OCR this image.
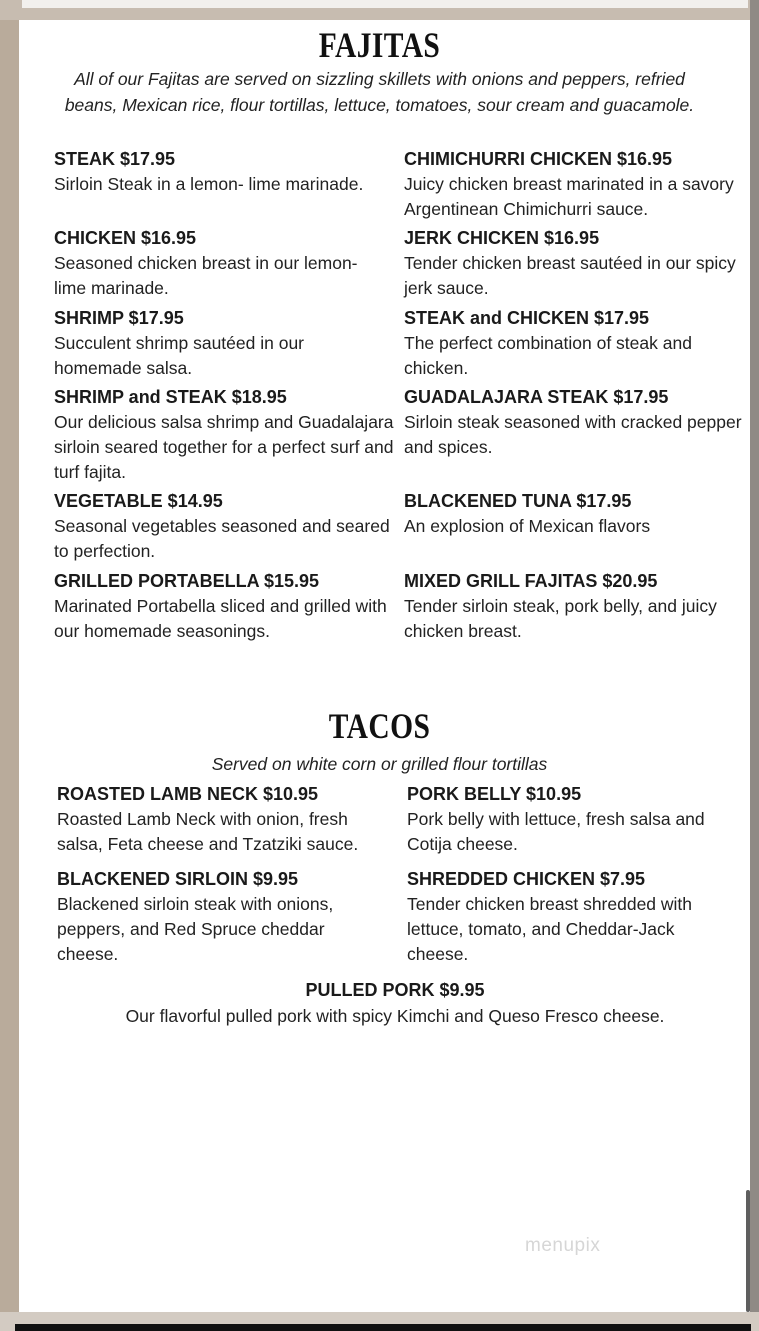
FAJITAS
All of our Fajitas are served on sizzling skillets with onions and peppers, refried beans, Mexican rice, flour tortillas, lettuce, tomatoes, sour cream and guacamole.
STEAK $17.95
Sirloin Steak in a lemon- lime marinade.
CHIMICHURRI CHICKEN $16.95
Juicy chicken breast marinated in a savory Argentinean Chimichurri sauce.
CHICKEN $16.95
Seasoned chicken breast in our lemon- lime marinade.
JERK CHICKEN $16.95
Tender chicken breast sautéed in our spicy jerk sauce.
SHRIMP $17.95
Succulent shrimp sautéed in our homemade salsa.
STEAK and CHICKEN $17.95
The perfect combination of steak and chicken.
SHRIMP and STEAK $18.95
Our delicious salsa shrimp and Guadalajara sirloin seared together for a perfect surf and turf fajita.
GUADALAJARA STEAK $17.95
Sirloin steak seasoned with cracked pepper and spices.
VEGETABLE $14.95
Seasonal vegetables seasoned and seared to perfection.
BLACKENED TUNA $17.95
An explosion of Mexican flavors
GRILLED PORTABELLA $15.95
Marinated Portabella sliced and grilled with our homemade seasonings.
MIXED GRILL FAJITAS $20.95
Tender sirloin steak, pork belly, and juicy chicken breast.
TACOS
Served on white corn or grilled flour tortillas
ROASTED LAMB NECK $10.95
Roasted Lamb Neck with onion, fresh salsa, Feta cheese and Tzatziki sauce.
PORK BELLY $10.95
Pork belly with lettuce, fresh salsa and Cotija cheese.
BLACKENED SIRLOIN $9.95
Blackened sirloin steak with onions, peppers, and Red Spruce cheddar cheese.
SHREDDED CHICKEN $7.95
Tender chicken breast shredded with lettuce, tomato, and Cheddar-Jack cheese.
PULLED PORK $9.95
Our flavorful pulled pork with spicy Kimchi and Queso Fresco cheese.
menupix
